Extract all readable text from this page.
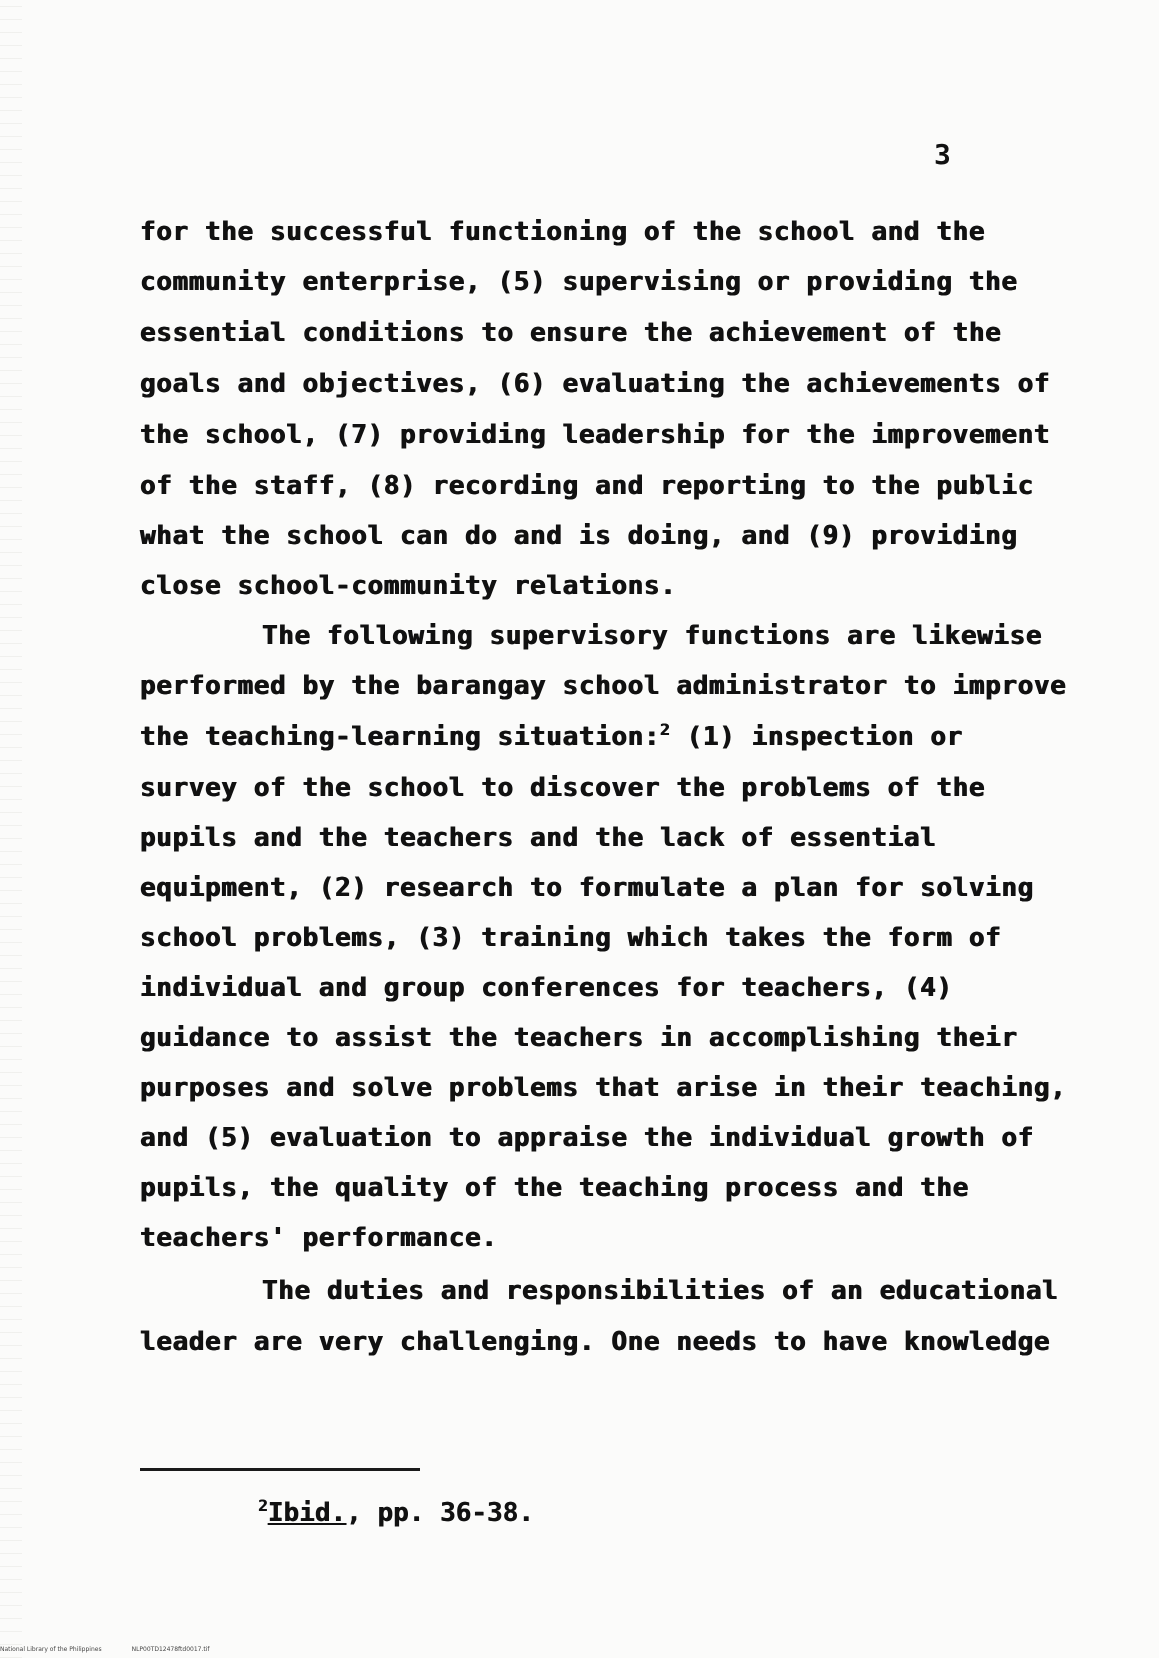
3
for the successful functioning of the school and the
community enterprise, (5) supervising or providing the
essential conditions to ensure the achievement of the
goals and objectives, (6) evaluating the achievements of
the school, (7) providing leadership for the improvement
of the staff, (8) recording and reporting to the public
what the school can do and is doing, and (9) providing
close school-community relations.
The following supervisory functions are likewise
performed by the barangay school administrator to improve
the teaching-learning situation:$^2$ (1) inspection or
survey of the school to discover the problems of the
pupils and the teachers and the lack of essential
equipment, (2) research to formulate a plan for solving
school problems, (3) training which takes the form of
individual and group conferences for teachers, (4)
guidance to assist the teachers in accomplishing their
purposes and solve problems that arise in their teaching,
and (5) evaluation to appraise the individual growth of
pupils, the quality of the teaching process and the
teachers' performance.
The duties and responsibilities of an educational
leader are very challenging. One needs to have knowledge
$^2$Ibid., pp. 36-38.
National Library of the Philippines	NLP00TD12478ftd0017.tif
